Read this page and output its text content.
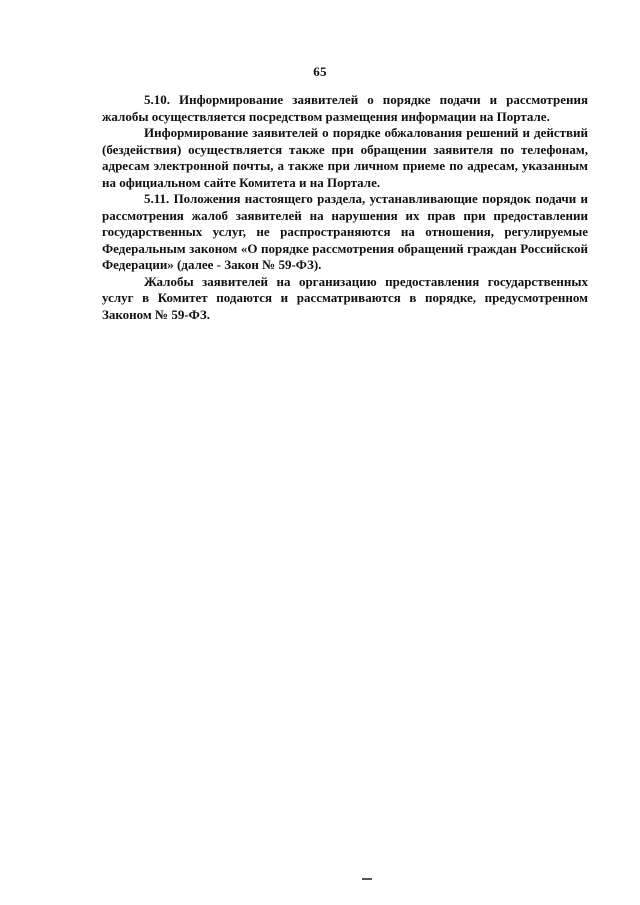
65

5.10. Информирование заявителей о порядке подачи и рассмотрения жалобы осуществляется посредством размещения информации на Портале.

Информирование заявителей о порядке обжалования решений и действий (бездействия) осуществляется также при обращении заявителя по телефонам, адресам электронной почты, а также при личном приеме по адресам, указанным на официальном сайте Комитета и на Портале.

5.11. Положения настоящего раздела, устанавливающие порядок подачи и рассмотрения жалоб заявителей на нарушения их прав при предоставлении государственных услуг, не распространяются на отношения, регулируемые Федеральным законом «О порядке рассмотрения обращений граждан Российской Федерации» (далее - Закон № 59-ФЗ).

Жалобы заявителей на организацию предоставления государственных услуг в Комитет подаются и рассматриваются в порядке, предусмотренном Законом № 59-ФЗ.
